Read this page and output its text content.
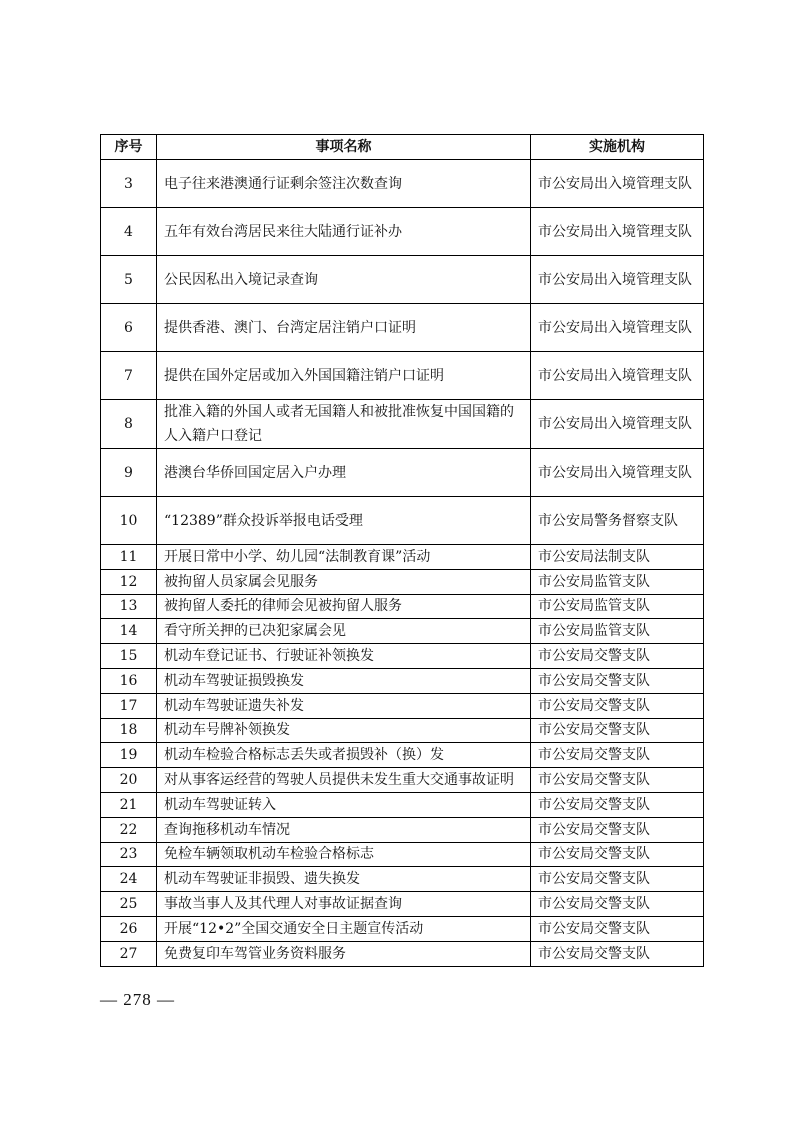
序号	事项名称	实施机构
3	电子往来港澳通行证剩余签注次数查询	市公安局出入境管理支队
4	五年有效台湾居民来往大陆通行证补办	市公安局出入境管理支队
5	公民因私出入境记录查询	市公安局出入境管理支队
6	提供香港、澳门、台湾定居注销户口证明	市公安局出入境管理支队
7	提供在国外定居或加入外国国籍注销户口证明	市公安局出入境管理支队
8	批准入籍的外国人或者无国籍人和被批准恢复中国国籍的人入籍户口登记	市公安局出入境管理支队
9	港澳台华侨回国定居入户办理	市公安局出入境管理支队
10	“12389”群众投诉举报电话受理	市公安局警务督察支队
11	开展日常中小学、幼儿园“法制教育课”活动	市公安局法制支队
12	被拘留人员家属会见服务	市公安局监管支队
13	被拘留人委托的律师会见被拘留人服务	市公安局监管支队
14	看守所关押的已决犯家属会见	市公安局监管支队
15	机动车登记证书、行驶证补领换发	市公安局交警支队
16	机动车驾驶证损毁换发	市公安局交警支队
17	机动车驾驶证遗失补发	市公安局交警支队
18	机动车号牌补领换发	市公安局交警支队
19	机动车检验合格标志丢失或者损毁补（换）发	市公安局交警支队
20	对从事客运经营的驾驶人员提供未发生重大交通事故证明	市公安局交警支队
21	机动车驾驶证转入	市公安局交警支队
22	查询拖移机动车情况	市公安局交警支队
23	免检车辆领取机动车检验合格标志	市公安局交警支队
24	机动车驾驶证非损毁、遗失换发	市公安局交警支队
25	事故当事人及其代理人对事故证据查询	市公安局交警支队
26	开展“12•2”全国交通安全日主题宣传活动	市公安局交警支队
27	免费复印车驾管业务资料服务	市公安局交警支队
— 278 —
